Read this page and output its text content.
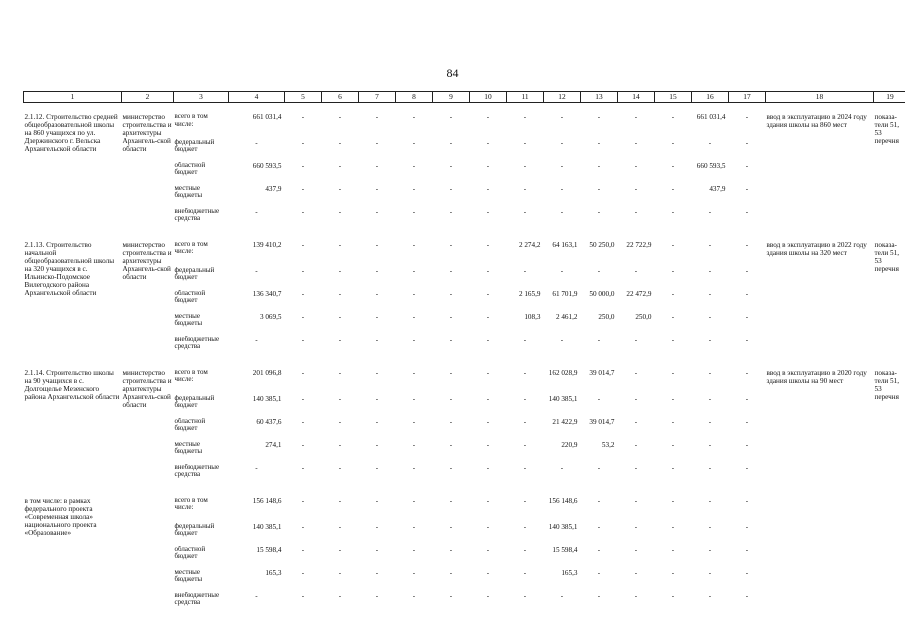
84
1	2	3	4	5	6	7	8	9	10	11	12	13	14	15	16	17	18	19
2.1.12. Строительство средней общеобразовательной школы на 860 учащихся по ул. Дзержинского г. Вельска Архангельской области	министерство строительства и архитектуры Архангель-ской области	всего в том числе:	661 031,4	-	-	-	-	-	-	-	-	-	-	-	661 031,4	-	ввод в эксплуатацию в 2024 году здания школы на 860 мест	показа-тели 51, 53 перечня
		федеральный бюджет	-	-	-	-	-	-	-	-	-	-	-	-	-	-		
		областной бюджет	660 593,5	-	-	-	-	-	-	-	-	-	-	-	660 593,5	-		
		местные бюджеты	437,9	-	-	-	-	-	-	-	-	-	-	-	437,9	-		
		внебюджетные средства	-	-	-	-	-	-	-	-	-	-	-	-	-	-		
2.1.13. Строительство начальной общеобразовательной школы на 320 учащихся в с. Ильинско-Подомское Вилегодского района Архангельской области	министерство строительства и архитектуры Архангель-ской области	всего в том числе:	139 410,2	-	-	-	-	-	-	2 274,2	64 163,1	50 250,0	22 722,9	-	-	-	ввод в эксплуатацию в 2022 году здания школы на 320 мест	показа-тели 51, 53 перечня
		федеральный бюджет	-	-	-	-	-	-	-	-	-	-	-	-	-	-		
		областной бюджет	136 340,7	-	-	-	-	-	-	2 165,9	61 701,9	50 000,0	22 472,9	-	-	-		
		местные бюджеты	3 069,5	-	-	-	-	-	-	108,3	2 461,2	250,0	250,0	-	-	-		
		внебюджетные средства	-	-	-	-	-	-	-	-	-	-	-	-	-	-		
2.1.14. Строительство школы на 90 учащихся в с. Долгощелье Мезенского района Архангельской области	министерство строительства и архитектуры Архангель-ской области	всего в том числе:	201 096,8	-	-	-	-	-	-	-	162 028,9	39 014,7	-	-	-	-	ввод в эксплуатацию в 2020 году здания школы на 90 мест	показа-тели 51, 53 перечня
		федеральный бюджет	140 385,1	-	-	-	-	-	-	-	140 385,1	-	-	-	-	-		
		областной бюджет	60 437,6	-	-	-	-	-	-	-	21 422,9	39 014,7	-	-	-	-		
		местные бюджеты	274,1	-	-	-	-	-	-	-	220,9	53,2	-	-	-	-		
		внебюджетные средства	-	-	-	-	-	-	-	-	-	-	-	-	-	-		
в том числе: в рамках федерального проекта «Современная школа» национального проекта «Образование»		всего в том числе:	156 148,6	-	-	-	-	-	-	-	156 148,6	-	-	-	-	-		
		федеральный бюджет	140 385,1	-	-	-	-	-	-	-	140 385,1	-	-	-	-	-		
		областной бюджет	15 598,4	-	-	-	-	-	-	-	15 598,4	-	-	-	-	-		
		местные бюджеты	165,3	-	-	-	-	-	-	-	165,3	-	-	-	-	-		
		внебюджетные средства	-	-	-	-	-	-	-	-	-	-	-	-	-	-		
